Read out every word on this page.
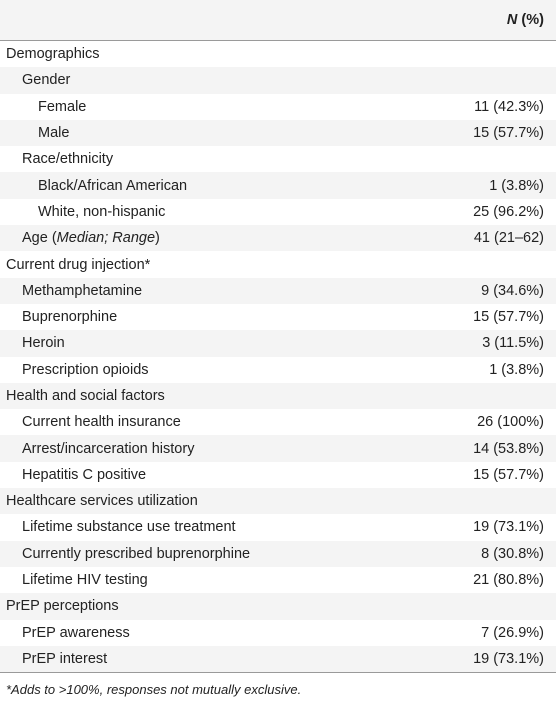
N (%)
Demographics
Gender
Female	11 (42.3%)
Male	15 (57.7%)
Race/ethnicity
Black/African American	1 (3.8%)
White, non-hispanic	25 (96.2%)
Age (Median; Range)	41 (21–62)
Current drug injection*
Methamphetamine	9 (34.6%)
Buprenorphine	15 (57.7%)
Heroin	3 (11.5%)
Prescription opioids	1 (3.8%)
Health and social factors
Current health insurance	26 (100%)
Arrest/incarceration history	14 (53.8%)
Hepatitis C positive	15 (57.7%)
Healthcare services utilization
Lifetime substance use treatment	19 (73.1%)
Currently prescribed buprenorphine	8 (30.8%)
Lifetime HIV testing	21 (80.8%)
PrEP perceptions
PrEP awareness	7 (26.9%)
PrEP interest	19 (73.1%)
*Adds to >100%, responses not mutually exclusive.
